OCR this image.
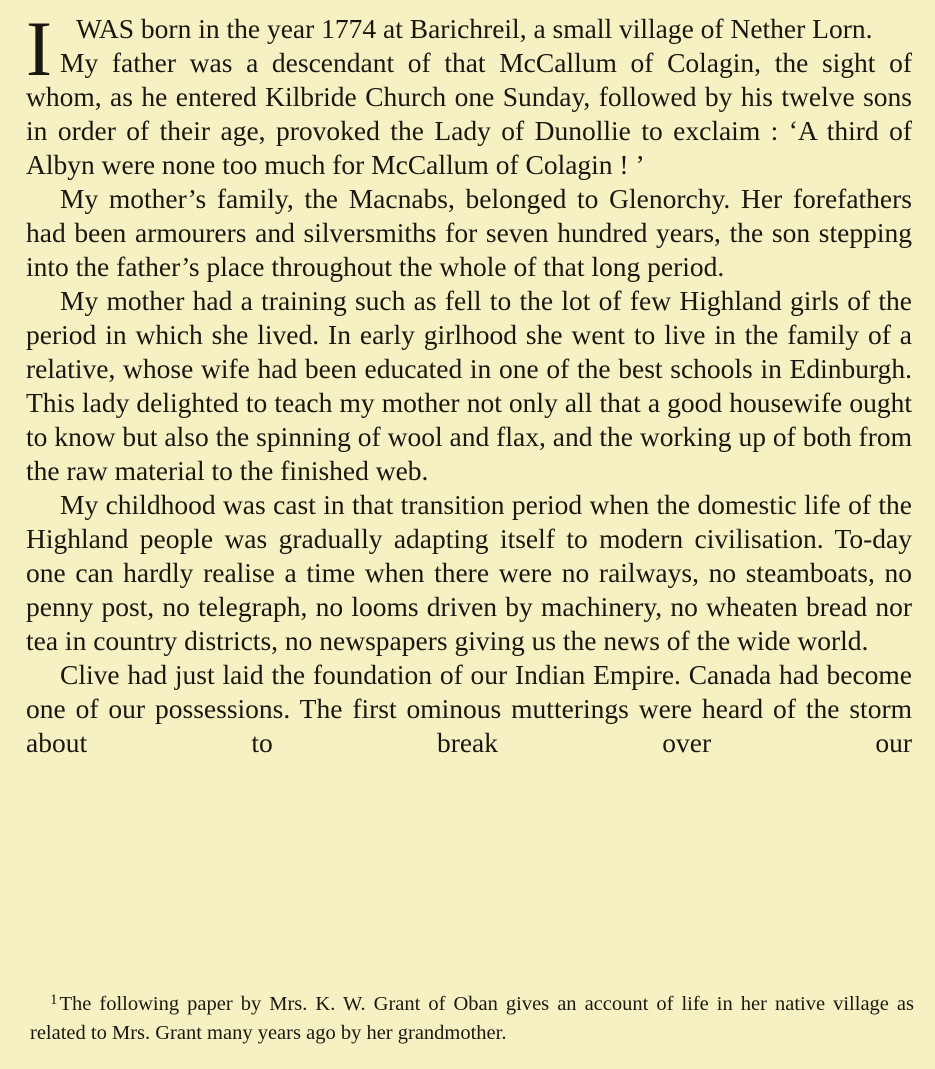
I WAS born in the year 1774 at Barichreil, a small village of Nether Lorn.

My father was a descendant of that McCallum of Colagin, the sight of whom, as he entered Kilbride Church one Sunday, followed by his twelve sons in order of their age, provoked the Lady of Dunollie to exclaim : ‘A third of Albyn were none too much for McCallum of Colagin ! ’

My mother’s family, the Macnabs, belonged to Glenorchy. Her forefathers had been armourers and silversmiths for seven hundred years, the son stepping into the father’s place throughout the whole of that long period.

My mother had a training such as fell to the lot of few Highland girls of the period in which she lived. In early girlhood she went to live in the family of a relative, whose wife had been educated in one of the best schools in Edinburgh. This lady delighted to teach my mother not only all that a good housewife ought to know but also the spinning of wool and flax, and the working up of both from the raw material to the finished web.

My childhood was cast in that transition period when the domestic life of the Highland people was gradually adapting itself to modern civilisation. To-day one can hardly realise a time when there were no railways, no steamboats, no penny post, no telegraph, no looms driven by machinery, no wheaten bread nor tea in country districts, no newspapers giving us the news of the wide world.

Clive had just laid the foundation of our Indian Empire. Canada had become one of our possessions. The first ominous mutterings were heard of the storm about to break over our

$^1$The following paper by Mrs. K. W. Grant of Oban gives an account of life in her native village as related to Mrs. Grant many years ago by her grandmother.
